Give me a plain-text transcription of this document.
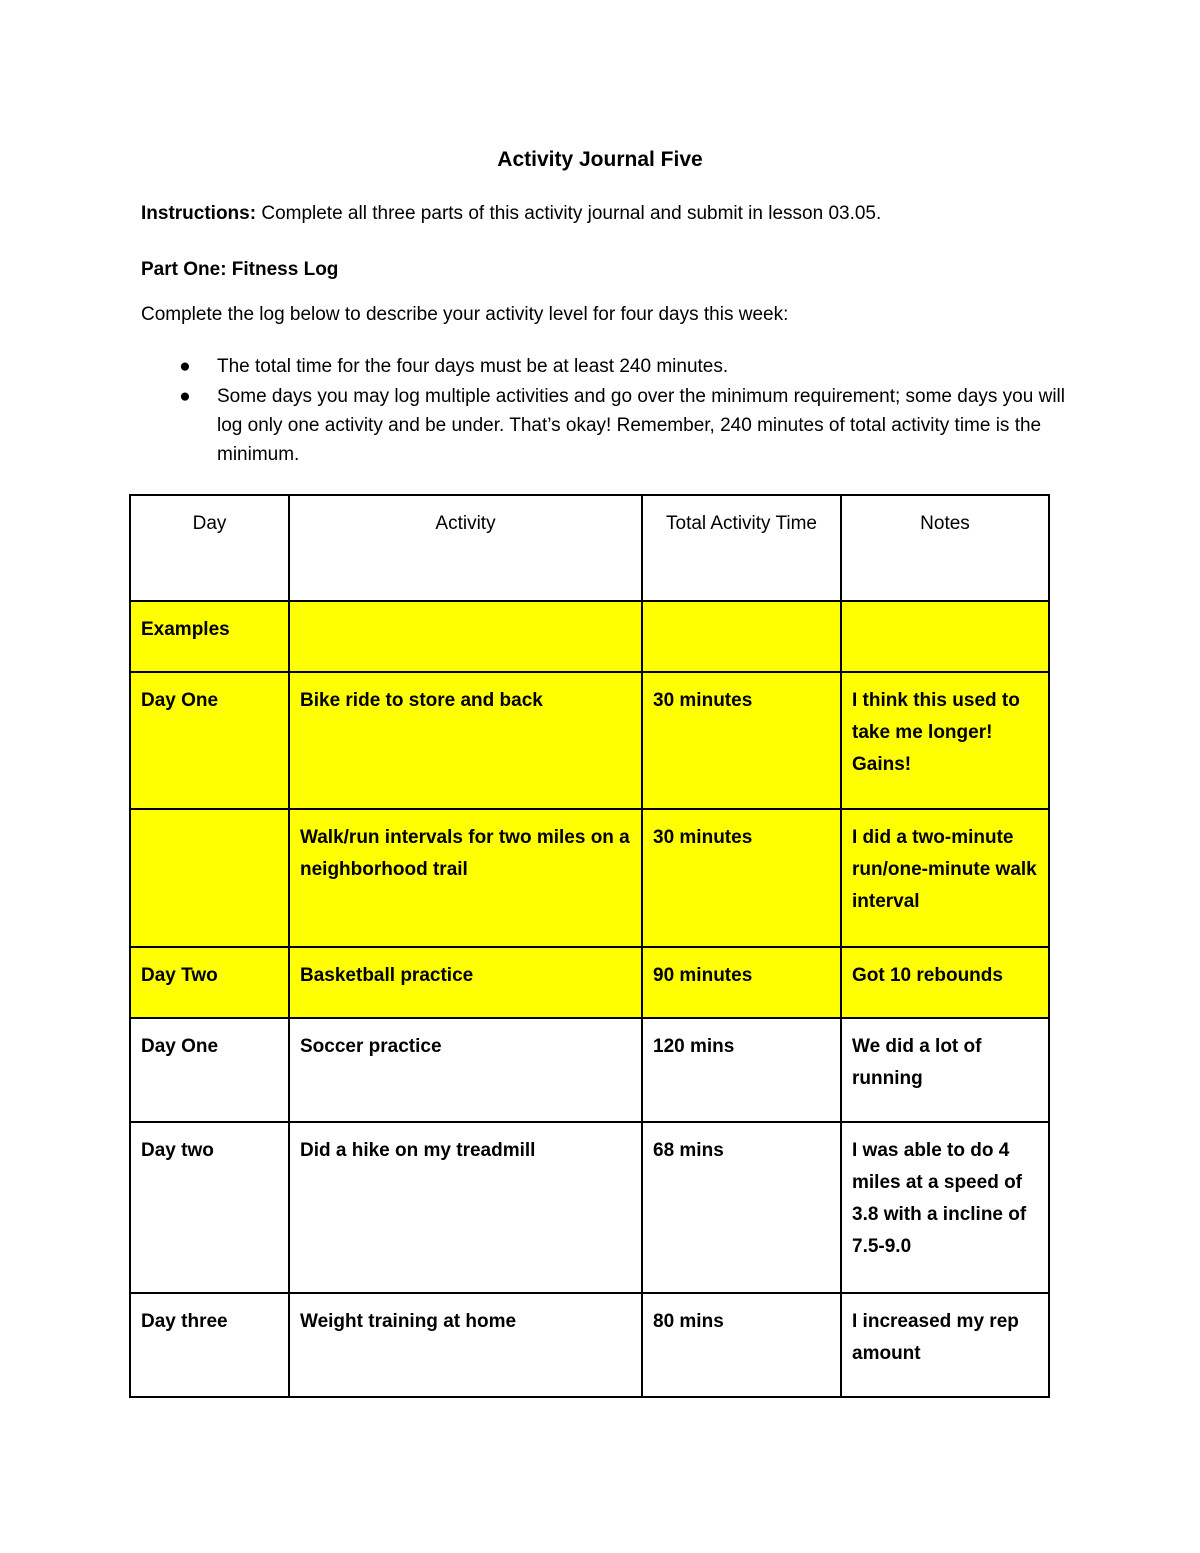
Activity Journal Five
Instructions: Complete all three parts of this activity journal and submit in lesson 03.05.
Part One: Fitness Log
Complete the log below to describe your activity level for four days this week:
● The total time for the four days must be at least 240 minutes.
● Some days you may log multiple activities and go over the minimum requirement; some days you will log only one activity and be under. That’s okay! Remember, 240 minutes of total activity time is the minimum.
Day	Activity	Total Activity Time	Notes
Examples			
Day One	Bike ride to store and back	30 minutes	I think this used to take me longer! Gains!
	Walk/run intervals for two miles on a neighborhood trail	30 minutes	I did a two-minute run/one-minute walk interval
Day Two	Basketball practice	90 minutes	Got 10 rebounds
Day One	Soccer practice	120 mins	We did a lot of running
Day two	Did a hike on my treadmill	68 mins	I was able to do 4 miles at a speed of 3.8 with a incline of 7.5-9.0
Day three	Weight training at home	80 mins	I increased my rep amount
